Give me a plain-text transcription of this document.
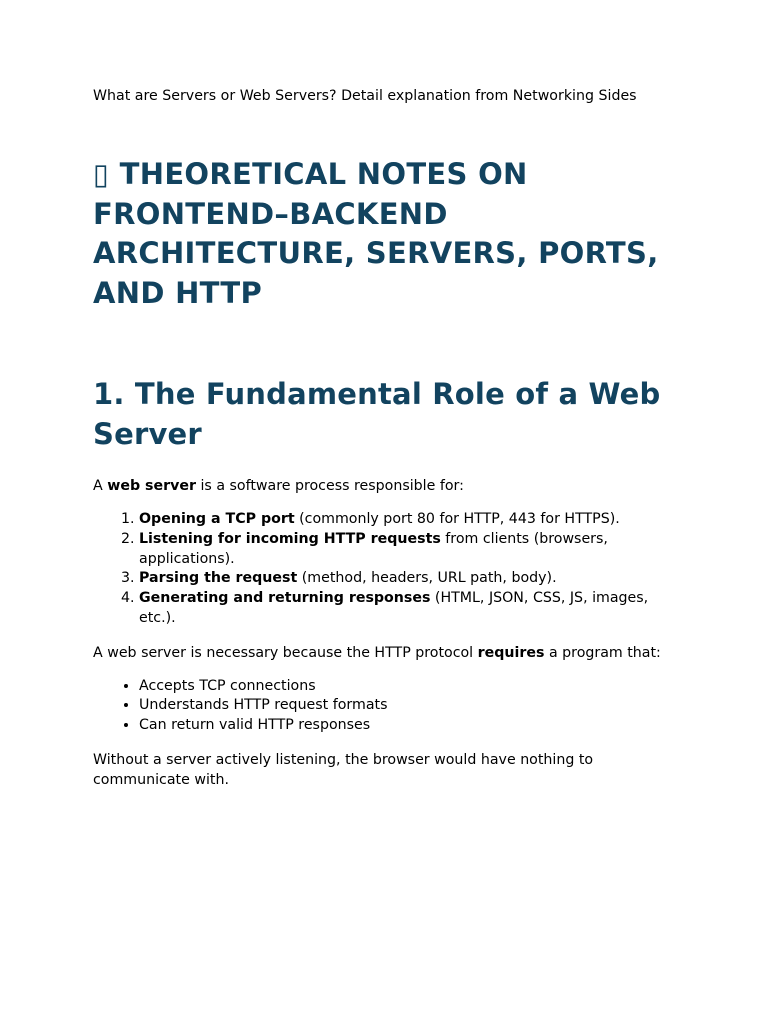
What are Servers or Web Servers? Detail explanation from Networking Sides

▯ THEORETICAL NOTES ON FRONTEND–BACKEND ARCHITECTURE, SERVERS, PORTS, AND HTTP
1. The Fundamental Role of a Web Server

A web server is a software process responsible for:

1. Opening a TCP port (commonly port 80 for HTTP, 443 for HTTPS).
2. Listening for incoming HTTP requests from clients (browsers, applications).
3. Parsing the request (method, headers, URL path, body).
4. Generating and returning responses (HTML, JSON, CSS, JS, images, etc.).

A web server is necessary because the HTTP protocol requires a program that:

• Accepts TCP connections
• Understands HTTP request formats
• Can return valid HTTP responses

Without a server actively listening, the browser would have nothing to communicate with.
